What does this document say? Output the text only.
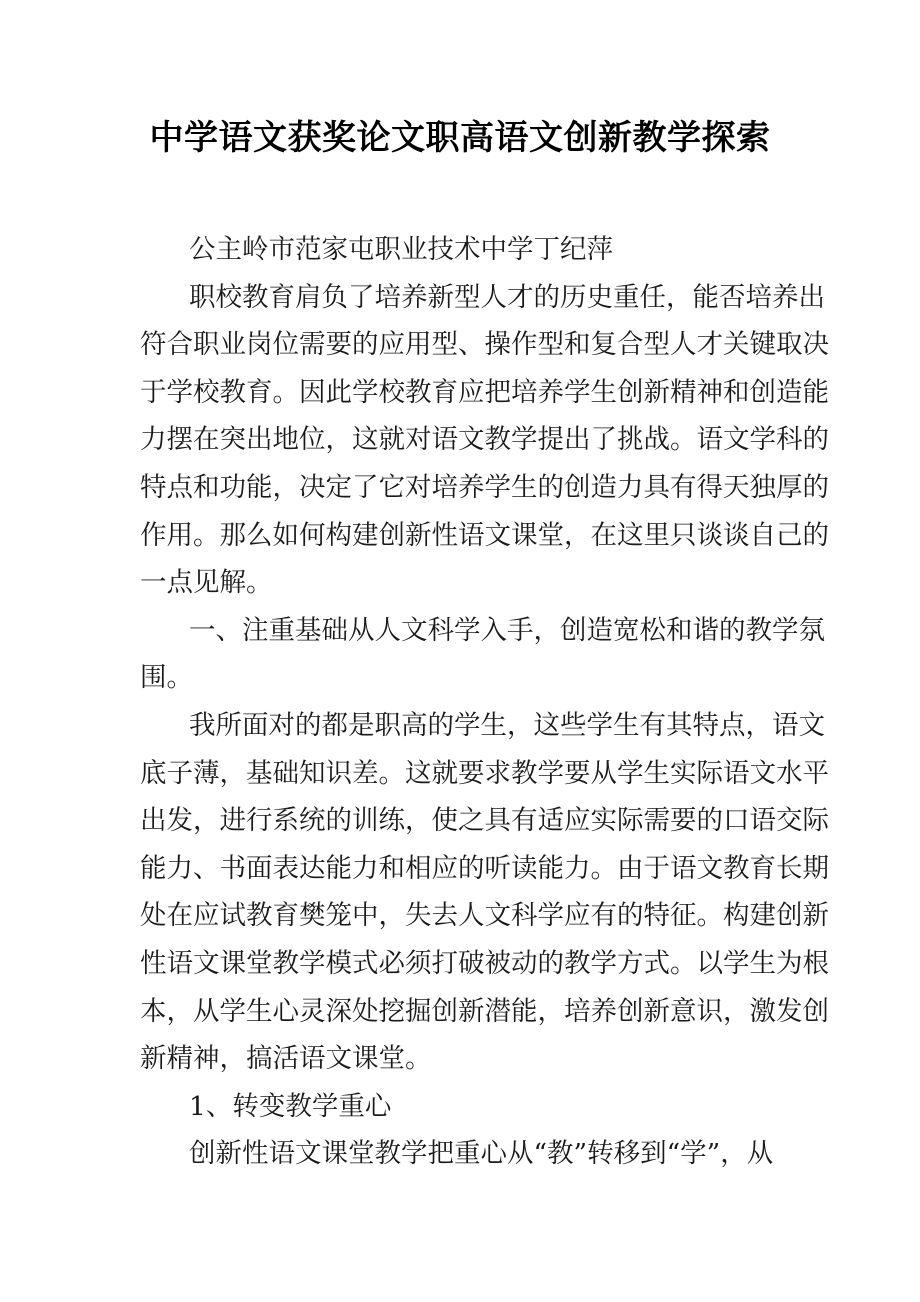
中学语文获奖论文职高语文创新教学探索
公主岭市范家屯职业技术中学丁纪萍
职校教育肩负了培养新型人才的历史重任，能否培养出
符合职业岗位需要的应用型、操作型和复合型人才关键取决
于学校教育。因此学校教育应把培养学生创新精神和创造能
力摆在突出地位，这就对语文教学提出了挑战。语文学科的
特点和功能，决定了它对培养学生的创造力具有得天独厚的
作用。那么如何构建创新性语文课堂，在这里只谈谈自己的
一点见解。
一、注重基础从人文科学入手，创造宽松和谐的教学氛
围。
我所面对的都是职高的学生，这些学生有其特点，语文
底子薄，基础知识差。这就要求教学要从学生实际语文水平
出发，进行系统的训练，使之具有适应实际需要的口语交际
能力、书面表达能力和相应的听读能力。由于语文教育长期
处在应试教育樊笼中，失去人文科学应有的特征。构建创新
性语文课堂教学模式必须打破被动的教学方式。以学生为根
本，从学生心灵深处挖掘创新潜能，培养创新意识，激发创
新精神，搞活语文课堂。
1、转变教学重心
创新性语文课堂教学把重心从“教”转移到“学”，从
